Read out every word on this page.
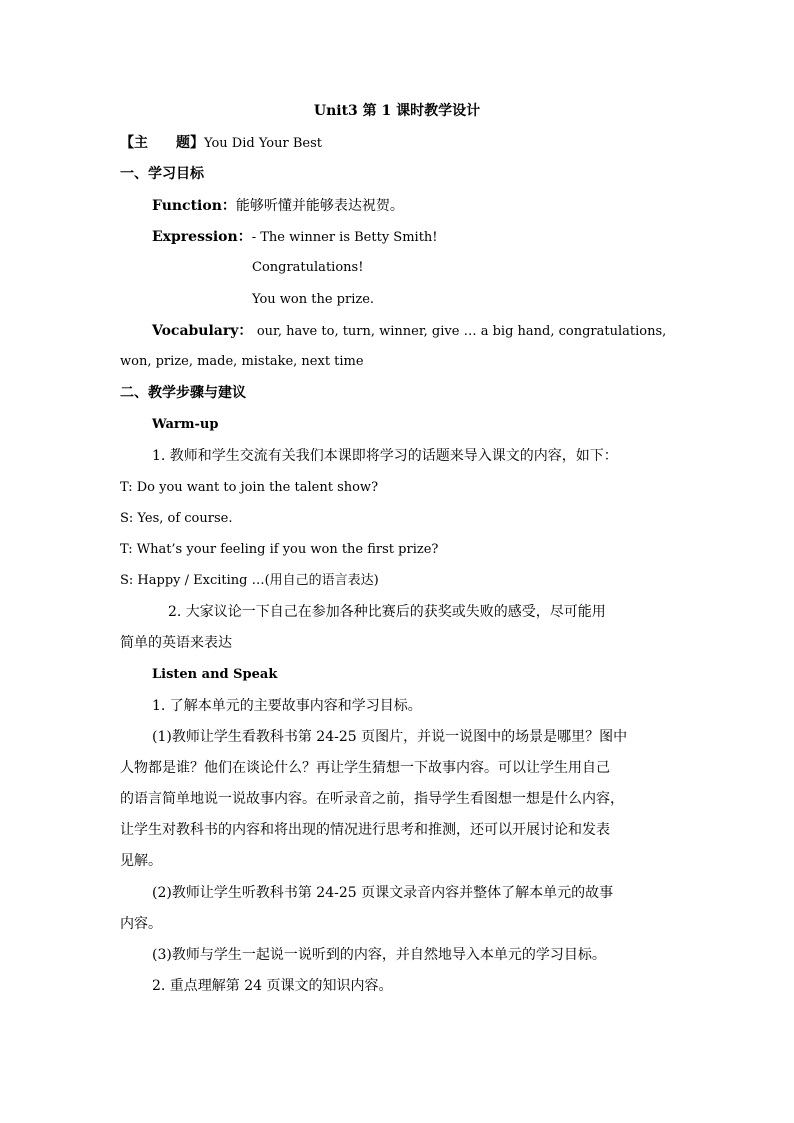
Unit3 第 1 课时教学设计
【主　　题】You Did Your Best
一、学习目标
Function：能够听懂并能够表达祝贺。
Expression：- The winner is Betty Smith!
Congratulations!
You won the prize.
Vocabulary： our, have to, turn, winner, give … a big hand, congratulations,
won, prize, made, mistake, next time
二、教学步骤与建议
Warm-up
1. 教师和学生交流有关我们本课即将学习的话题来导入课文的内容，如下：
T: Do you want to join the talent show?
S: Yes, of course.
T: What’s your feeling if you won the first prize?
S: Happy / Exciting …(用自己的语言表达)
2. 大家议论一下自己在参加各种比赛后的获奖或失败的感受，尽可能用
简单的英语来表达
Listen and Speak
1. 了解本单元的主要故事内容和学习目标。
(1)教师让学生看教科书第 24-25 页图片，并说一说图中的场景是哪里？图中
人物都是谁？他们在谈论什么？再让学生猜想一下故事内容。可以让学生用自己
的语言简单地说一说故事内容。在听录音之前，指导学生看图想一想是什么内容，
让学生对教科书的内容和将出现的情况进行思考和推测，还可以开展讨论和发表
见解。
(2)教师让学生听教科书第 24-25 页课文录音内容并整体了解本单元的故事
内容。
(3)教师与学生一起说一说听到的内容，并自然地导入本单元的学习目标。
2. 重点理解第 24 页课文的知识内容。
